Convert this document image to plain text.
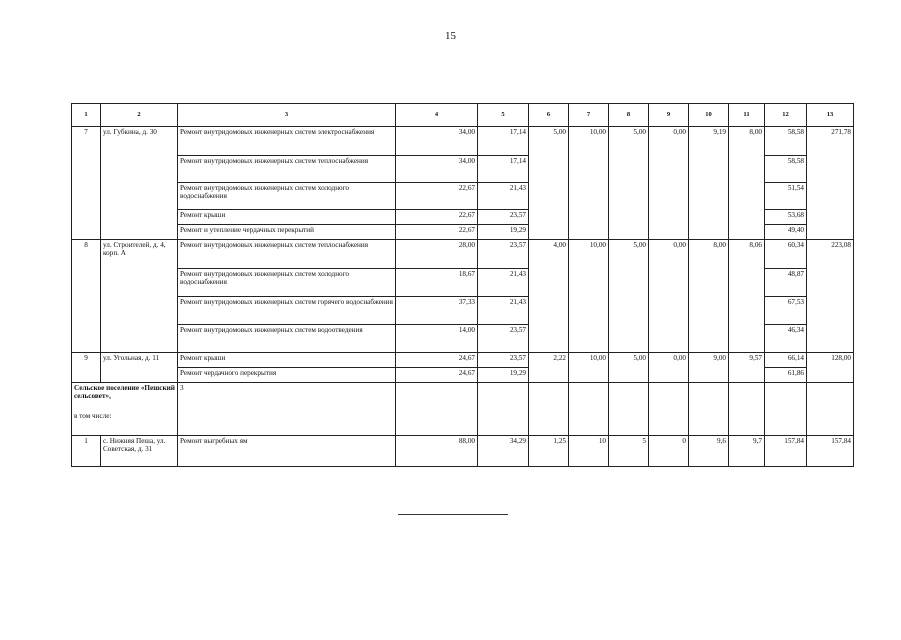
15
1	2	3	4	5	6	7	8	9	10	11	12	13
7	ул. Губкина, д. 30	Ремонт внутридомовых инженерных систем электроснабжения	34,00	17,14	5,00	10,00	5,00	0,00	9,19	8,00	58,58	271,78
		Ремонт внутридомовых инженерных систем теплоснабжения	34,00	17,14							58,58	
		Ремонт внутридомовых инженерных систем холодного водоснабжения	22,67	21,43							51,54	
		Ремонт крыши	22,67	23,57							53,68	
		Ремонт и утепление чердачных перекрытий	22,67	19,29							49,40	
8	ул. Строителей, д. 4, корп. А	Ремонт внутридомовых инженерных систем теплоснабжения	28,00	23,57	4,00	10,00	5,00	0,00	8,00	8,06	60,34	223,08
		Ремонт внутридомовых инженерных систем холодного водоснабжения	18,67	21,43							48,87	
		Ремонт внутридомовых инженерных систем горячего водоснабжения	37,33	21,43							67,53	
		Ремонт внутридомовых инженерных систем водоотведения	14,00	23,57							46,34	
9	ул. Угольная, д. 11	Ремонт крыши	24,67	23,57	2,22	10,00	5,00	0,00	9,00	9,57	66,14	128,00
		Ремонт чердачного перекрытия	24,67	19,29							61,86	

Сельское поселение «Пешский сельсовет»,
в том числе:		3										
1	с. Нижняя Пеша, ул. Советская, д. 31	Ремонт выгребных ям	88,00	34,29	1,25	10	5	0	9,6	9,7	157,84	157,84
